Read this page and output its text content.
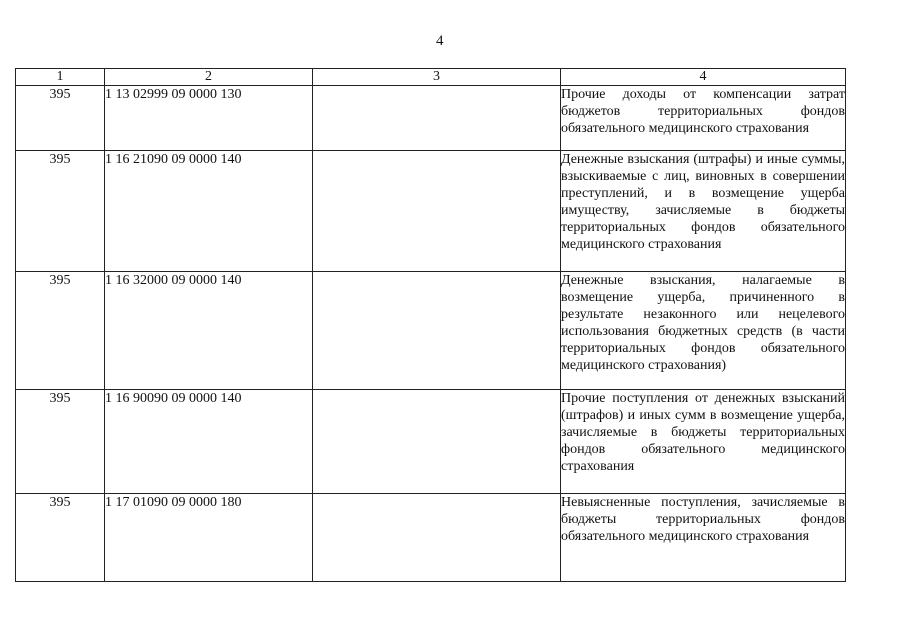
4
1	2	3	4
395	1 13 02999 09 0000 130		Прочие доходы от компенсации затрат бюджетов территориальных фондов обязательного медицинского страхования
395	1 16 21090 09 0000 140		Денежные взыскания (штрафы) и иные суммы, взыскиваемые с лиц, виновных в совершении преступлений, и в возмещение ущерба имуществу, зачисляемые в бюджеты территориальных фондов обязательного медицинского страхования
395	1 16 32000 09 0000 140		Денежные взыскания, налагаемые в возмещение ущерба, причиненного в результате незаконного или нецелевого использования бюджетных средств (в части территориальных фондов обязательного медицинского страхования)
395	1 16 90090 09 0000 140		Прочие поступления от денежных взысканий (штрафов) и иных сумм в возмещение ущерба, зачисляемые в бюджеты территориальных фондов обязательного медицинского страхования
395	1 17 01090 09 0000 180		Невыясненные поступления, зачисляемые в бюджеты территориальных фондов обязательного медицинского страхования
